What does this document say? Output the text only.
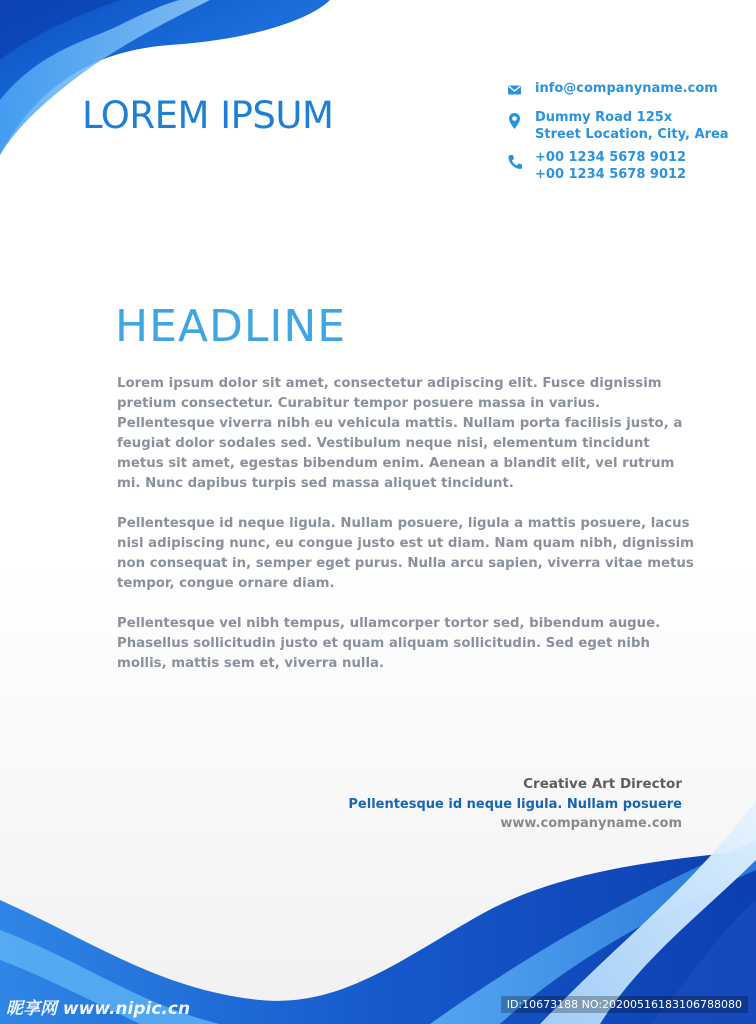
LOREM IPSUM
info@companyname.com
Dummy Road 125x
Street Location, City, Area
+00 1234 5678 9012
+00 1234 5678 9012
HEADLINE

Lorem ipsum dolor sit amet, consectetur adipiscing elit. Fusce dignissim pretium consectetur. Curabitur tempor posuere massa in varius. Pellentesque viverra nibh eu vehicula mattis. Nullam porta facilisis justo, a feugiat dolor sodales sed. Vestibulum neque nisi, elementum tincidunt metus sit amet, egestas bibendum enim. Aenean a blandit elit, vel rutrum mi. Nunc dapibus turpis sed massa aliquet tincidunt.

Pellentesque id neque ligula. Nullam posuere, ligula a mattis posuere, lacus nisl adipiscing nunc, eu congue justo est ut diam. Nam quam nibh, dignissim non consequat in, semper eget purus. Nulla arcu sapien, viverra vitae metus tempor, congue ornare diam.

Pellentesque vel nibh tempus, ullamcorper tortor sed, bibendum augue. Phasellus sollicitudin justo et quam aliquam sollicitudin. Sed eget nibh mollis, mattis sem et, viverra nulla.

Creative Art Director
Pellentesque id neque ligula. Nullam posuere
www.companyname.com
昵享网 www.nipic.cn	ID:10673188 NO:20200516183106788080
